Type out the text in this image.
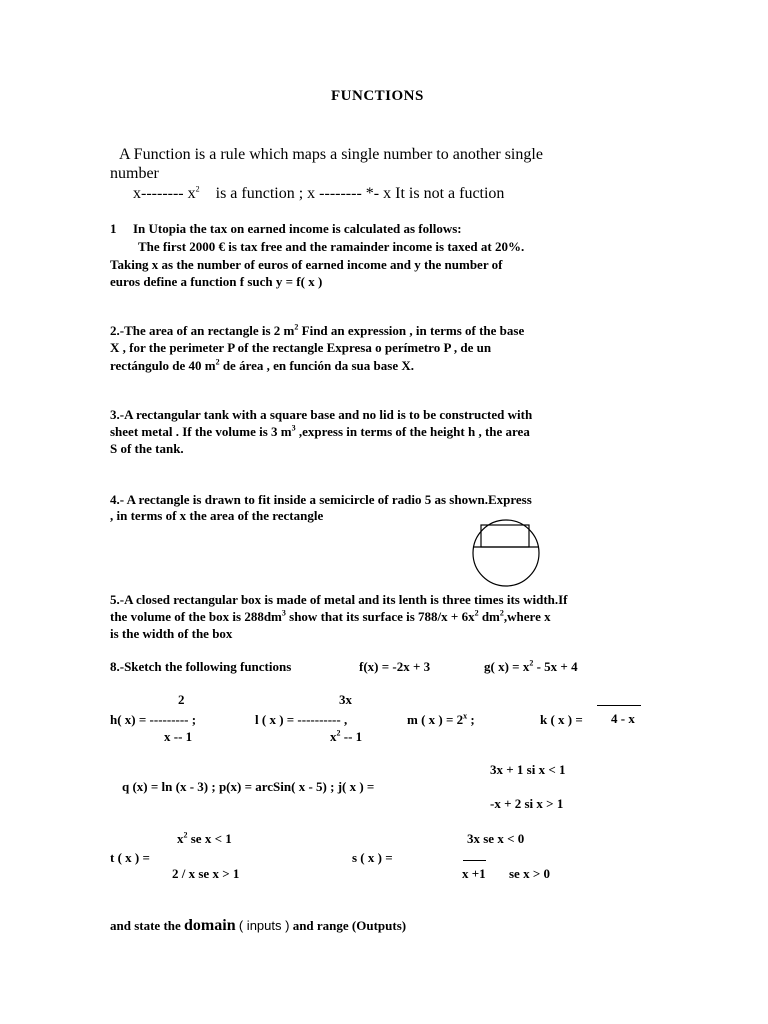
FUNCTIONS
A Function is a rule which maps a single number to another single
number
x-------- $x^2$ is a function ; x -------- *- x It is not a fuction
1 In Utopia the tax on earned income is calculated as follows:
The first 2000 € is tax free and the ramainder income is taxed at 20%.
Taking x as the number of euros of earned income and y the number of
euros define a function f such y = f( x )
2.-The area of an rectangle is 2 $m^2$ Find an expression , in terms of the base
X , for the perimeter P of the rectangle Expresa o perímetro P , de un
rectángulo de 40 $m^2$ de área , en función da sua base X.
3.-A rectangular tank with a square base and no lid is to be constructed with
sheet metal . If the volume is 3 $m^3$ ,express in terms of the height h , the area
S of the tank.
4.- A rectangle is drawn to fit inside a semicircle of radio 5 as shown.Express
, in terms of x the area of the rectangle
5.-A closed rectangular box is made of metal and its lenth is three times its width.If
the volume of the box is $288dm^3$ show that its surface is $788/x + 6x^2$ $dm^2,where$ x
is the width of the box
8.-Sketch the following functions	f(x) = -2x + 3	g( $x) = x^2 - 5x + 4$
2
h( x) = --------- ;
x -- 1
3x
l ( x ) = ---------- ,
$x^2 -- 1$
m ( x ) = $2^x$ ;	k ( x ) =	4 - x
3x + 1 si x < 1
q (x) = ln (x - 3) ; p(x) = arcSin( x - 5) ; j( x ) =
-x + 2 si x > 1
$x^2$ se x < 1
t ( x ) =
2 / x se x > 1
3x se x < 0
s ( x ) =
x +1 se x > 0
and state the domain ( inputs ) and range (Outputs)
